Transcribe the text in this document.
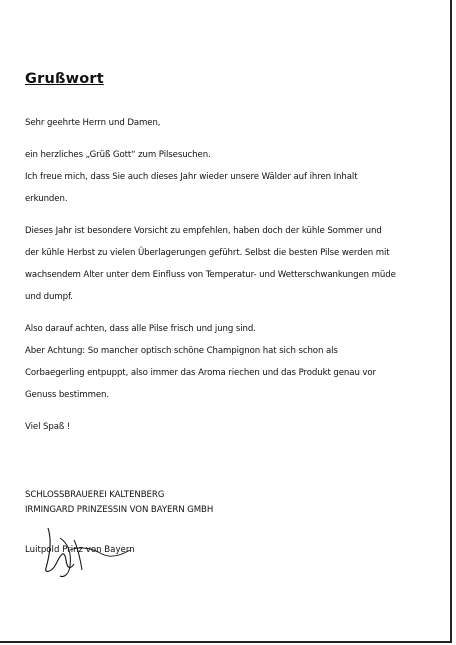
Grußwort

Sehr geehrte Herrn und Damen,

ein herzliches „Grüß Gott“ zum Pilsesuchen.

Ich freue mich, dass Sie auch dieses Jahr wieder unsere Wälder auf ihren Inhalt

erkunden.

Dieses Jahr ist besondere Vorsicht zu empfehlen, haben doch der kühle Sommer und

der kühle Herbst zu vielen Überlagerungen geführt. Selbst die besten Pilse werden mit

wachsendem Alter unter dem Einfluss von Temperatur- und Wetterschwankungen müde

und dumpf.

Also darauf achten, dass alle Pilse frisch und jung sind.

Aber Achtung: So mancher optisch schöne Champignon hat sich schon als

Corbaegerling entpuppt, also immer das Aroma riechen und das Produkt genau vor

Genuss bestimmen.

Viel Spaß !

SCHLOSSBRAUEREI KALTENBERG
IRMINGARD PRINZESSIN VON BAYERN GMBH
Luitpold Prinz von Bayern
